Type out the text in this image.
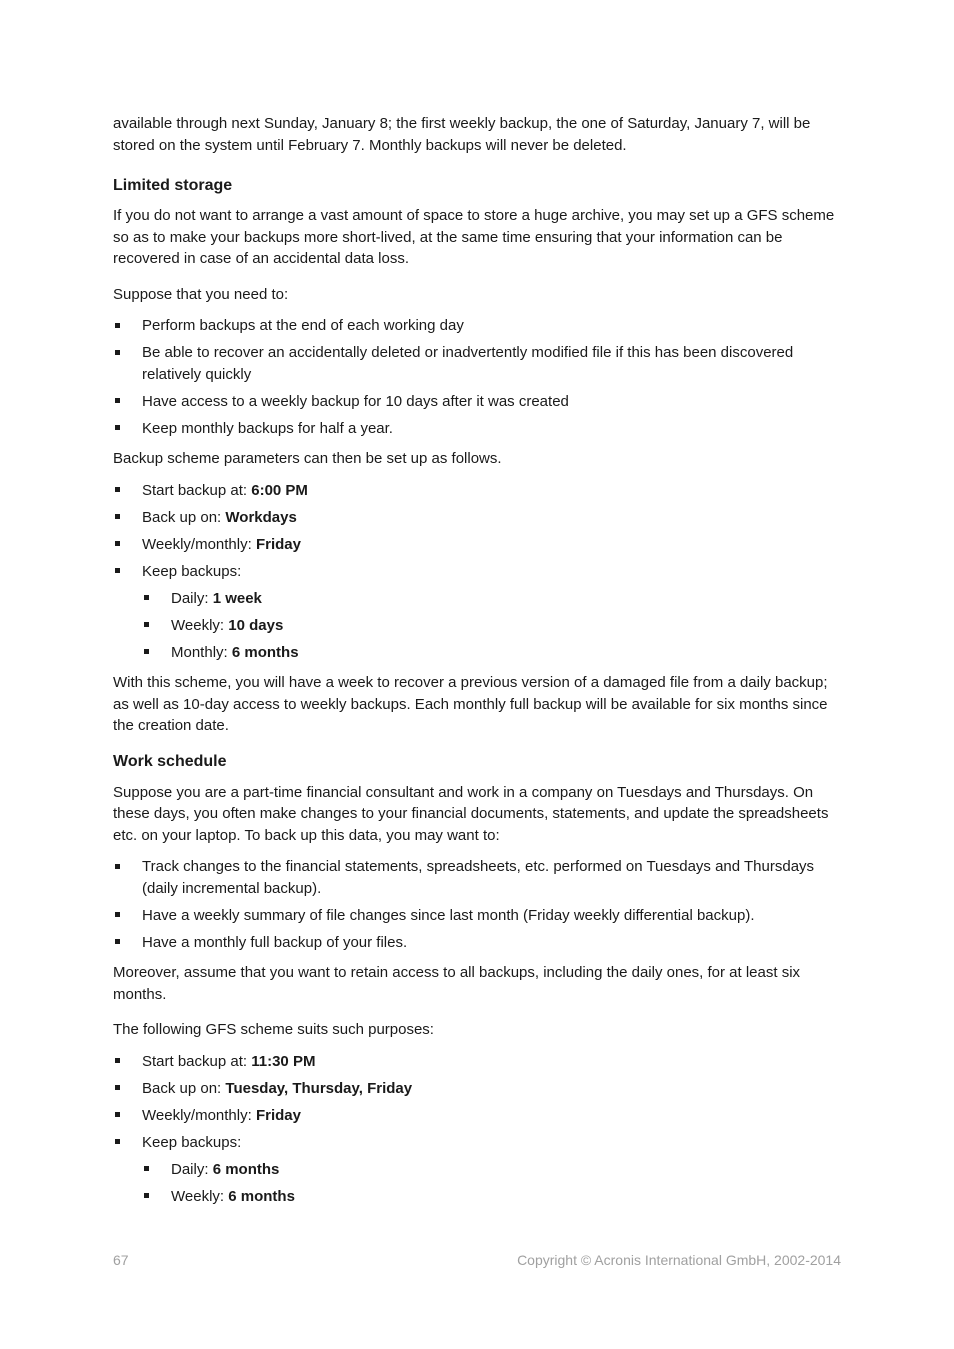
available through next Sunday, January 8; the first weekly backup, the one of Saturday, January 7, will be stored on the system until February 7. Monthly backups will never be deleted.

Limited storage

If you do not want to arrange a vast amount of space to store a huge archive, you may set up a GFS scheme so as to make your backups more short-lived, at the same time ensuring that your information can be recovered in case of an accidental data loss.

Suppose that you need to:

Perform backups at the end of each working day
Be able to recover an accidentally deleted or inadvertently modified file if this has been discovered relatively quickly
Have access to a weekly backup for 10 days after it was created
Keep monthly backups for half a year.

Backup scheme parameters can then be set up as follows.

Start backup at: 6:00 PM
Back up on: Workdays
Weekly/monthly: Friday
Keep backups:
Daily: 1 week
Weekly: 10 days
Monthly: 6 months

With this scheme, you will have a week to recover a previous version of a damaged file from a daily backup; as well as 10-day access to weekly backups. Each monthly full backup will be available for six months since the creation date.

Work schedule

Suppose you are a part-time financial consultant and work in a company on Tuesdays and Thursdays. On these days, you often make changes to your financial documents, statements, and update the spreadsheets etc. on your laptop. To back up this data, you may want to:

Track changes to the financial statements, spreadsheets, etc. performed on Tuesdays and Thursdays (daily incremental backup).
Have a weekly summary of file changes since last month (Friday weekly differential backup).
Have a monthly full backup of your files.

Moreover, assume that you want to retain access to all backups, including the daily ones, for at least six months.

The following GFS scheme suits such purposes:

Start backup at: 11:30 PM
Back up on: Tuesday, Thursday, Friday
Weekly/monthly: Friday
Keep backups:
Daily: 6 months
Weekly: 6 months
67	Copyright © Acronis International GmbH, 2002-2014
